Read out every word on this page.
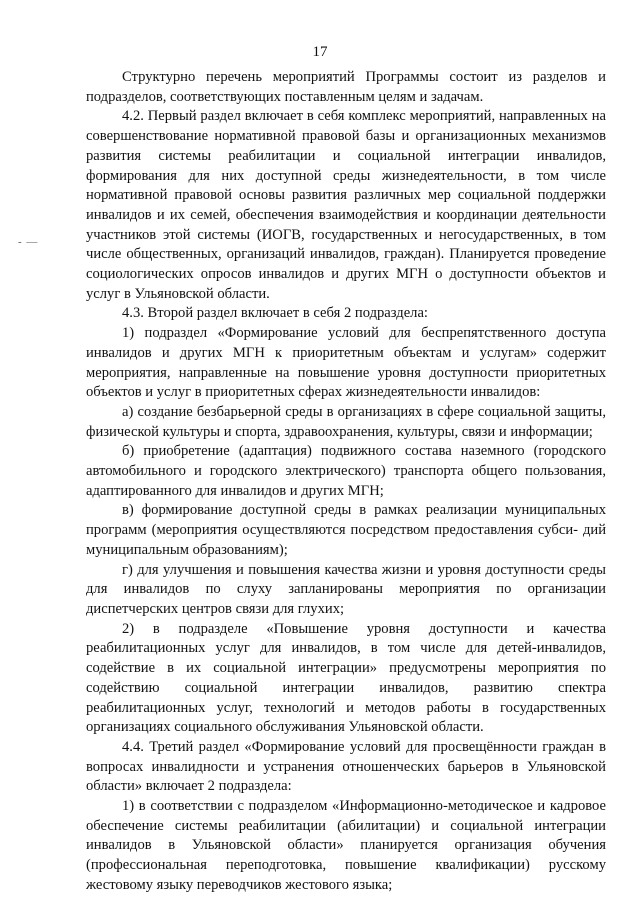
17
- —

Структурно перечень мероприятий Программы состоит из разделов и подразделов, соответствующих поставленным целям и задачам.

4.2. Первый раздел включает в себя комплекс мероприятий, направленных на совершенствование нормативной правовой базы и организационных механизмов развития системы реабилитации и социальной интеграции инвалидов, формирования для них доступной среды жизнедеятельности, в том числе нормативной правовой основы развития различных мер социальной поддержки инвалидов и их семей, обеспечения взаимодействия и координации деятельности участников этой системы (ИОГВ, государственных и негосударственных, в том числе общественных, организаций инвалидов, граждан). Планируется проведение социологических опросов инвалидов и других МГН о доступности объектов и услуг в Ульяновской области.

4.3. Второй раздел включает в себя 2 подраздела:

1) подраздел «Формирование условий для беспрепятственного доступа инвалидов и других МГН к приоритетным объектам и услугам» содержит мероприятия, направленные на повышение уровня доступности приоритетных объектов и услуг в приоритетных сферах жизнедеятельности инвалидов:

а) создание безбарьерной среды в организациях в сфере социальной защиты, физической культуры и спорта, здравоохранения, культуры, связи и информации;

б) приобретение (адаптация) подвижного состава наземного (городского автомобильного и городского электрического) транспорта общего пользования, адаптированного для инвалидов и других МГН;

в) формирование доступной среды в рамках реализации муниципальных программ (мероприятия осуществляются посредством предоставления субси- дий муниципальным образованиям);

г) для улучшения и повышения качества жизни и уровня доступности среды для инвалидов по слуху запланированы мероприятия по организации диспетчерских центров связи для глухих;

2) в подразделе «Повышение уровня доступности и качества реабилитационных услуг для инвалидов, в том числе для детей-инвалидов, содействие в их социальной интеграции» предусмотрены мероприятия по содействию социальной интеграции инвалидов, развитию спектра реабилитационных услуг, технологий и методов работы в государственных организациях социального обслуживания Ульяновской области.

4.4. Третий раздел «Формирование условий для просвещённости граждан в вопросах инвалидности и устранения отношенческих барьеров в Ульяновской области» включает 2 подраздела:

1) в соответствии с подразделом «Информационно-методическое и кадровое обеспечение системы реабилитации (абилитации) и социальной интеграции инвалидов в Ульяновской области» планируется организация обучения (профессиональная переподготовка, повышение квалификации) русскому жестовому языку переводчиков жестового языка;
